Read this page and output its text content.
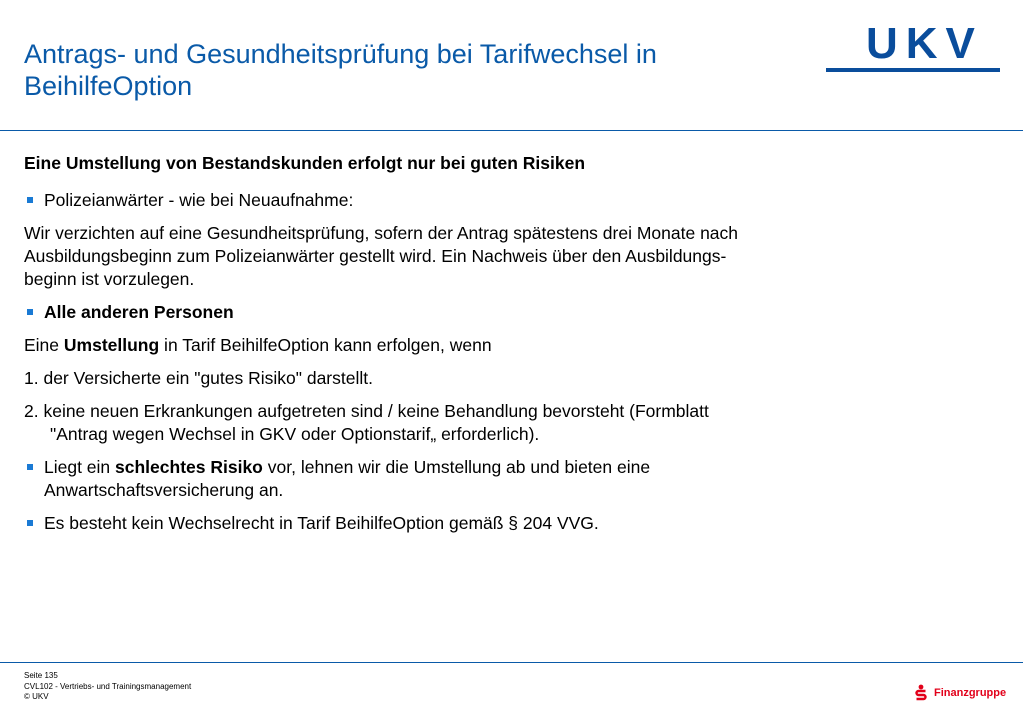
Antrags- und Gesundheitsprüfung bei Tarifwechsel in BeihilfeOption
UKV

Eine Umstellung von Bestandskunden erfolgt nur bei guten Risiken

Polizeianwärter - wie bei Neuaufnahme:

Wir verzichten auf eine Gesundheitsprüfung, sofern der Antrag spätestens drei Monate nach
Ausbildungsbeginn zum Polizeianwärter gestellt wird. Ein Nachweis über den Ausbildungs-
beginn ist vorzulegen.

Alle anderen Personen

Eine Umstellung in Tarif BeihilfeOption kann erfolgen, wenn

1. der Versicherte ein "gutes Risiko" darstellt.

2. keine neuen Erkrankungen aufgetreten sind / keine Behandlung bevorsteht (Formblatt
"Antrag wegen Wechsel in GKV oder Optionstarif„ erforderlich).

Liegt ein schlechtes Risiko vor, lehnen wir die Umstellung ab und bieten eine
Anwartschaftsversicherung an.

Es besteht kein Wechselrecht in Tarif BeihilfeOption gemäß § 204 VVG.

Seite 135
CVL102 - Vertriebs- und Trainingsmanagement
© UKV	Finanzgruppe
